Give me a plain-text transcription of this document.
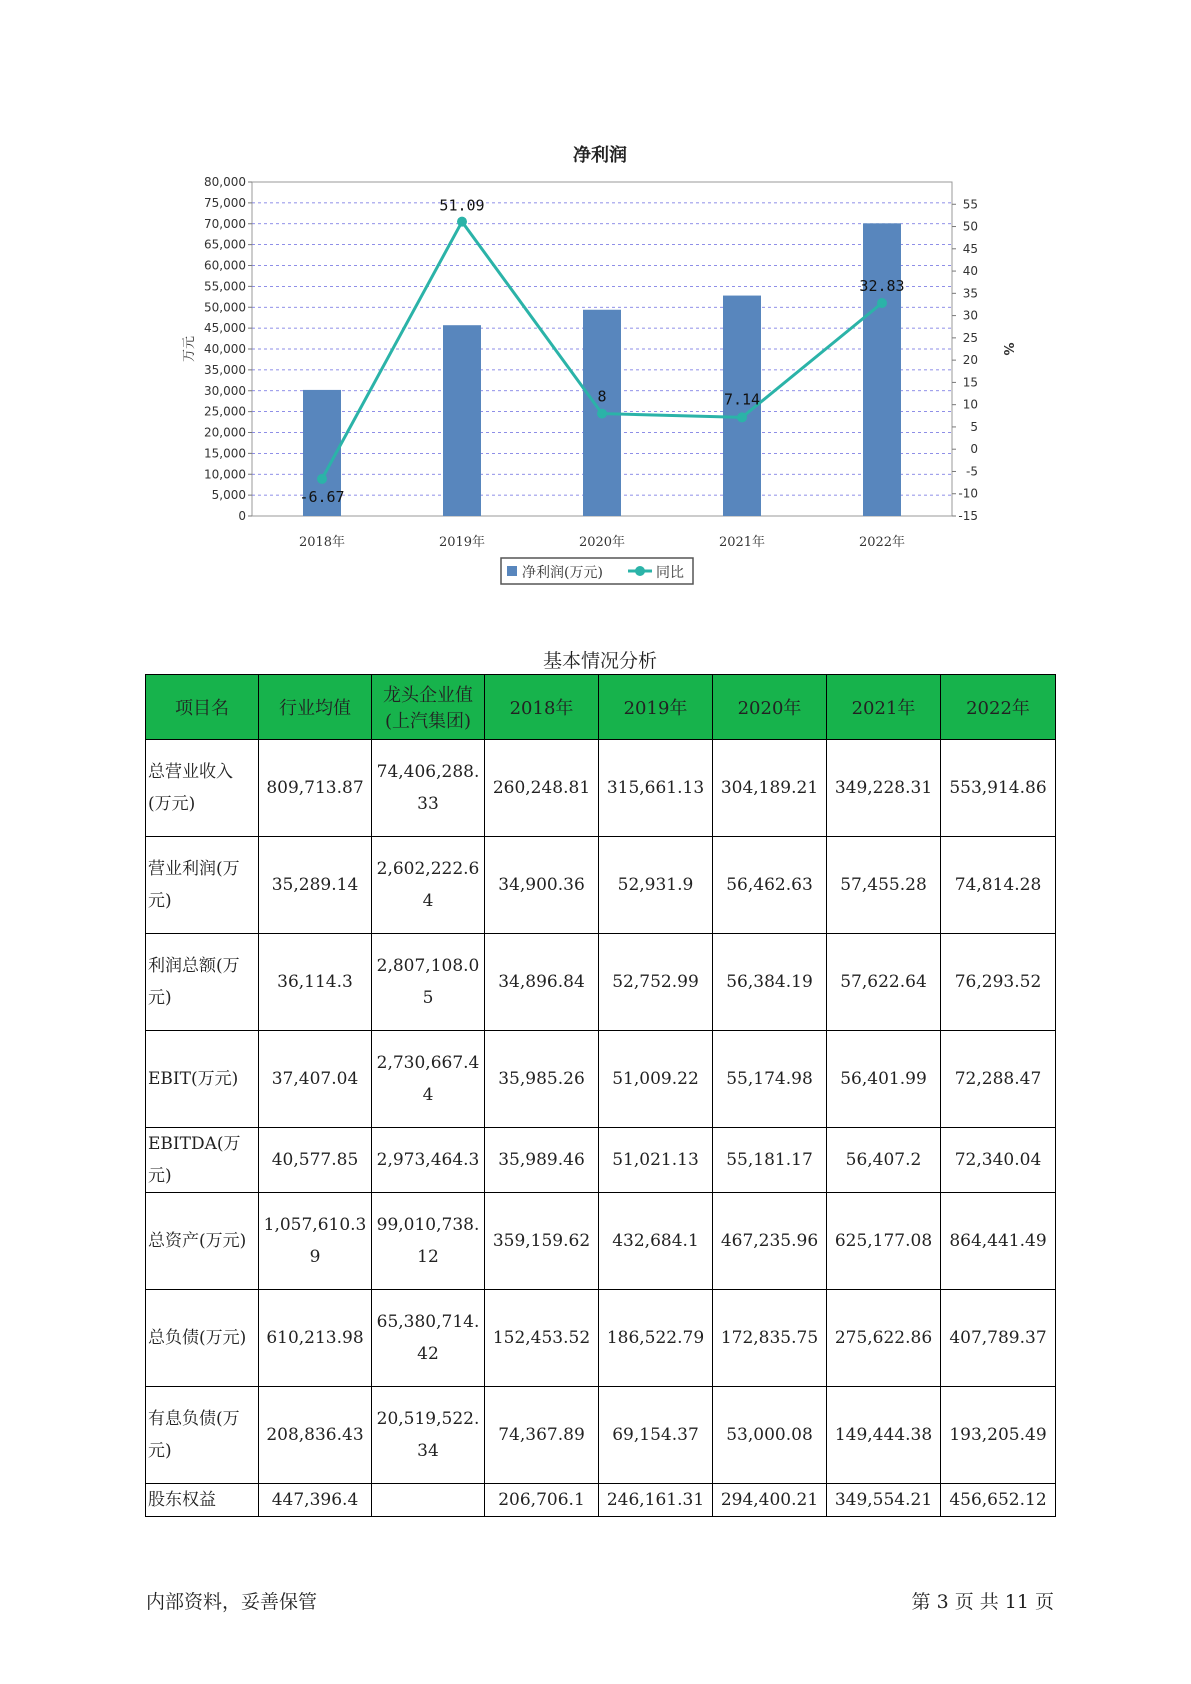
净利润
0
5,000
10,000
15,000
20,000
25,000
30,000
35,000
40,000
45,000
50,000
55,000
60,000
65,000
70,000
75,000
80,000
-15
-10
-5
0
5
10
15
20
25
30
35
40
45
50
55
万元	%
2018年	2019年	2020年	2021年	2022年
-6.67
51.09
8	7.14
32.83
净利润(万元)	同比
基本情况分析
项目名	行业均值	龙头企业值(上汽集团)	2018年	2019年	2020年	2021年	2022年
总营业收入(万元)	809,713.87	74,406,288.33	260,248.81	315,661.13	304,189.21	349,228.31	553,914.86
营业利润(万元)	35,289.14	2,602,222.64	34,900.36	52,931.9	56,462.63	57,455.28	74,814.28
利润总额(万元)	36,114.3	2,807,108.05	34,896.84	52,752.99	56,384.19	57,622.64	76,293.52
EBIT(万元)	37,407.04	2,730,667.44	35,985.26	51,009.22	55,174.98	56,401.99	72,288.47
EBITDA(万元)	40,577.85	2,973,464.3	35,989.46	51,021.13	55,181.17	56,407.2	72,340.04
总资产(万元)	1,057,610.39	99,010,738.12	359,159.62	432,684.1	467,235.96	625,177.08	864,441.49
总负债(万元)	610,213.98	65,380,714.42	152,453.52	186,522.79	172,835.75	275,622.86	407,789.37
有息负债(万元)	208,836.43	20,519,522.34	74,367.89	69,154.37	53,000.08	149,444.38	193,205.49
股东权益	447,396.4		206,706.1	246,161.31	294,400.21	349,554.21	456,652.12
内部资料，妥善保管	第 3 页 共 11 页
